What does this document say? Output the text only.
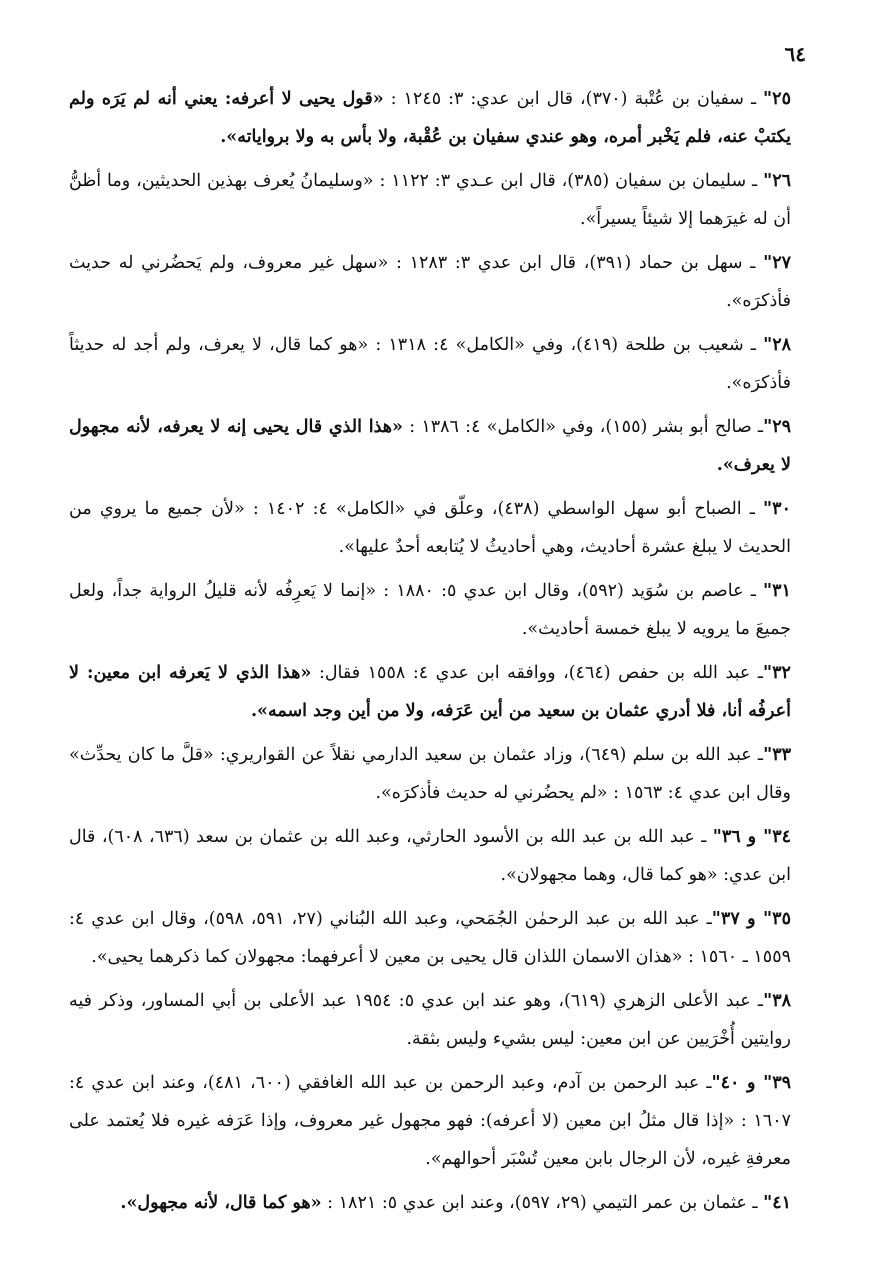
٦٤

٢٥" ـ سفيان بن عُتْبة (٣٧٠)، قال ابن عدي: ٣: ١٢٤٥ : «قول يحيى لا أعرفه: يعني أنه لم يَرَه ولم يكتبْ عنه، فلم يَخْبر أمره، وهو عندي سفيان بن عُقْبة، ولا بأس به ولا برواياته».

٢٦" ـ سليمان بن سفيان (٣٨٥)، قال ابن عـدي ٣: ١١٢٢ : «وسليمانُ يُعرف بهذين الحديثين، وما أظنُّ أن له غيرَهما إلا شيئاً يسيراً».

٢٧" ـ سهل بن حماد (٣٩١)، قال ابن عدي ٣: ١٢٨٣ : «سهل غير معروف، ولم يَحضُرني له حديث فأذكرَه».

٢٨" ـ شعيب بن طلحة (٤١٩)، وفي «الكامل» ٤: ١٣١٨ : «هو كما قال، لا يعرف، ولم أجد له حديثاً فأذكرَه».

٢٩"ـ صالح أبو بشر (١٥٥)، وفي «الكامل» ٤: ١٣٨٦ : «هذا الذي قال يحيى إنه لا يعرفه، لأنه مجهول لا يعرف».

٣٠" ـ الصباح أبو سهل الواسطي (٤٣٨)، وعلّق في «الكامل» ٤: ١٤٠٢ : «لأن جميع ما يروي من الحديث لا يبلغ عشرة أحاديث، وهي أحاديثُ لا يُتابعه أحدٌ عليها».

٣١" ـ عاصم بن سُوَيد (٥٩٢)، وقال ابن عدي ٥: ١٨٨٠ : «إنما لا يَعرِفُه لأنه قليلُ الرواية جداً، ولعل جميعَ ما يرويه لا يبلغ خمسة أحاديث».

٣٢"ـ عبد الله بن حفص (٤٦٤)، ووافقه ابن عدي ٤: ١٥٥٨ فقال: «هذا الذي لا يَعرفه ابن معين: لا أعرفُه أنا، فلا أدري عثمان بن سعيد من أين عَرَفه، ولا من أين وجد اسمه».

٣٣"ـ عبد الله بن سلم (٦٤٩)، وزاد عثمان بن سعيد الدارمي نقلاً عن القواريري: «قلَّ ما كان يحدِّث» وقال ابن عدي ٤: ١٥٦٣ : «لم يحضُرني له حديث فأذكرَه».

٣٤" و ٣٦" ـ عبد الله بن عبد الله بن الأسود الحارثي، وعبد الله بن عثمان بن سعد (٦٣٦، ٦٠٨)، قال ابن عدي: «هو كما قال، وهما مجهولان».

٣٥" و ٣٧"ـ عبد الله بن عبد الرحمٰن الجُمَحي، وعبد الله البُناني (٢٧، ٥٩١، ٥٩٨)، وقال ابن عدي ٤: ١٥٥٩ ـ ١٥٦٠ : «هذان الاسمان اللذان قال يحيى بن معين لا أعرفهما: مجهولان كما ذكرهما يحيى».

٣٨"ـ عبد الأعلى الزهري (٦١٩)، وهو عند ابن عدي ٥: ١٩٥٤ عبد الأعلى بن أبي المساور، وذكر فيه روايتين أُخْرَيين عن ابن معين: ليس بشيء وليس بثقة.

٣٩" و ٤٠"ـ عبد الرحمن بن آدم، وعبد الرحمن بن عبد الله الغافقي (٦٠٠، ٤٨١)، وعند ابن عدي ٤: ١٦٠٧ : «إذا قال مثلُ ابن معين (لا أعرفه): فهو مجهول غير معروف، وإذا عَرَفه غيره فلا يُعتمد على معرفةِ غيره، لأن الرجال بابن معين تُسْبَر أحوالهم».

٤١" ـ عثمان بن عمر التيمي (٢٩، ٥٩٧)، وعند ابن عدي ٥: ١٨٢١ : «هو كما قال، لأنه مجهول».
